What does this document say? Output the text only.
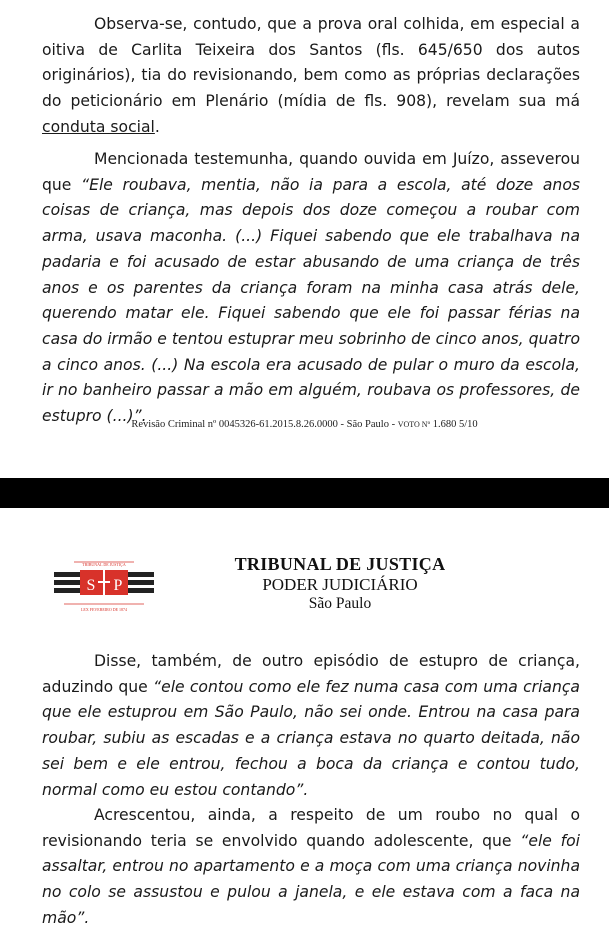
Observa-se, contudo, que a prova oral colhida, em especial a oitiva de Carlita Teixeira dos Santos (fls. 645/650 dos autos originários), tia do revisionando, bem como as próprias declarações do peticionário em Plenário (mídia de fls. 908), revelam sua má conduta social.

Mencionada testemunha, quando ouvida em Juízo, asseverou que “Ele roubava, mentia, não ia para a escola, até doze anos coisas de criança, mas depois dos doze começou a roubar com arma, usava maconha. (...) Fiquei sabendo que ele trabalhava na padaria e foi acusado de estar abusando de uma criança de três anos e os parentes da criança foram na minha casa atrás dele, querendo matar ele. Fiquei sabendo que ele foi passar férias na casa do irmão e tentou estuprar meu sobrinho de cinco anos, quatro a cinco anos. (...) Na escola era acusado de pular o muro da escola, ir no banheiro passar a mão em alguém, roubava os professores, de estupro (...)”.

Revisão Criminal nº 0045326-61.2015.8.26.0000 - São Paulo - VOTO Nº 1.680 5/10
TRIBUNAL DE JUSTIÇA
S P
LEX FEVEREIRO DE 1874
TRIBUNAL DE JUSTIÇA
PODER JUDICIÁRIO
São Paulo

Disse, também, de outro episódio de estupro de criança, aduzindo que “ele contou como ele fez numa casa com uma criança que ele estuprou em São Paulo, não sei onde. Entrou na casa para roubar, subiu as escadas e a criança estava no quarto deitada, não sei bem e ele entrou, fechou a boca da criança e contou tudo, normal como eu estou contando”.

Acrescentou, ainda, a respeito de um roubo no qual o revisionando teria se envolvido quando adolescente, que “ele foi assaltar, entrou no apartamento e a moça com uma criança novinha no colo se assustou e pulou a janela, e ele estava com a faca na mão”.
